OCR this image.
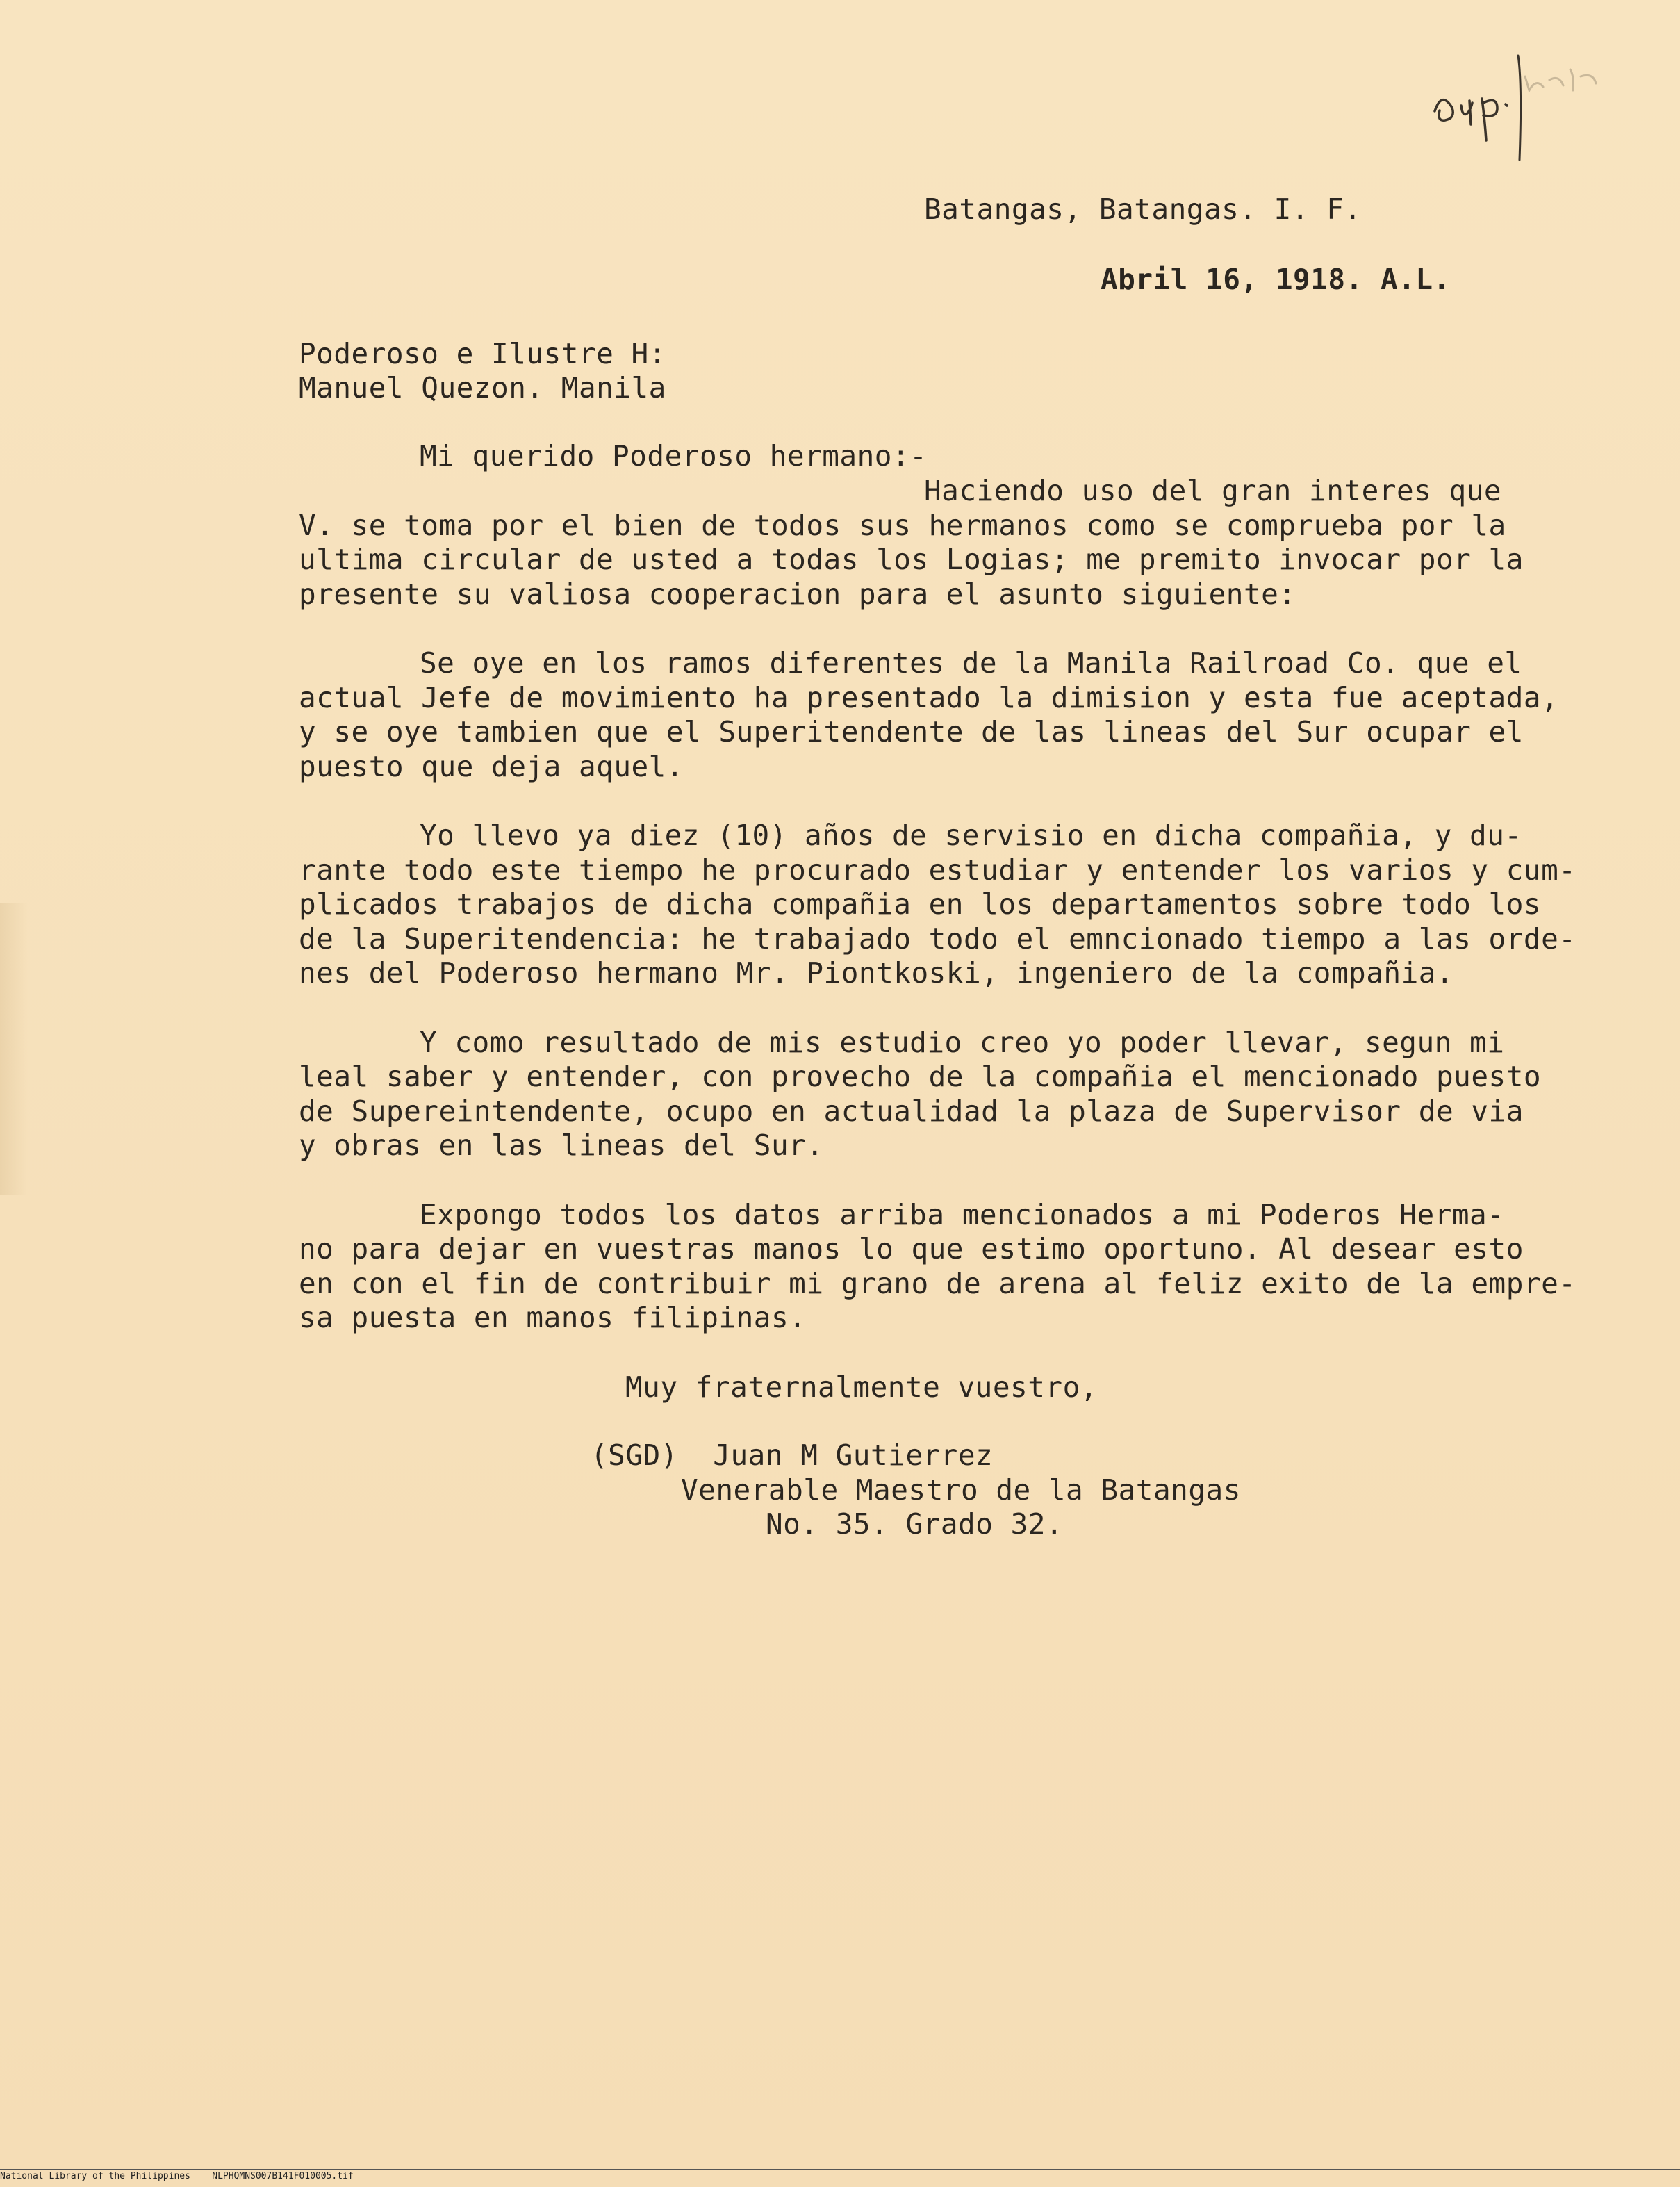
Batangas, Batangas. I. F.
Abril 16, 1918. A.L.
Poderoso e Ilustre H:
Manuel Quezon. Manila
Mi querido Poderoso hermano:-
Haciendo uso del gran interes que
V. se toma por el bien de todos sus hermanos como se comprueba por la
ultima circular de usted a todas los Logias; me premito invocar por la
presente su valiosa cooperacion para el asunto siguiente:
Se oye en los ramos diferentes de la Manila Railroad Co. que el
actual Jefe de movimiento ha presentado la dimision y esta fue aceptada,
y se oye tambien que el Superitendente de las lineas del Sur ocupar el
puesto que deja aquel.
Yo llevo ya diez (10) años de servisio en dicha compañia, y du-
rante todo este tiempo he procurado estudiar y entender los varios y cum-
plicados trabajos de dicha compañia en los departamentos sobre todo los
de la Superitendencia: he trabajado todo el emncionado tiempo a las orde-
nes del Poderoso hermano Mr. Piontkoski, ingeniero de la compañia.
Y como resultado de mis estudio creo yo poder llevar, segun mi
leal saber y entender, con provecho de la compañia el mencionado puesto
de Supereintendente, ocupo en actualidad la plaza de Supervisor de via
y obras en las lineas del Sur.
Expongo todos los datos arriba mencionados a mi Poderos Herma-
no para dejar en vuestras manos lo que estimo oportuno. Al desear esto
en con el fin de contribuir mi grano de arena al feliz exito de la empre-
sa puesta en manos filipinas.
Muy fraternalmente vuestro,
(SGD)  Juan M Gutierrez
Venerable Maestro de la Batangas
No. 35. Grado 32.
National Library of the Philippines    NLPHQMNS007B141F010005.tif
